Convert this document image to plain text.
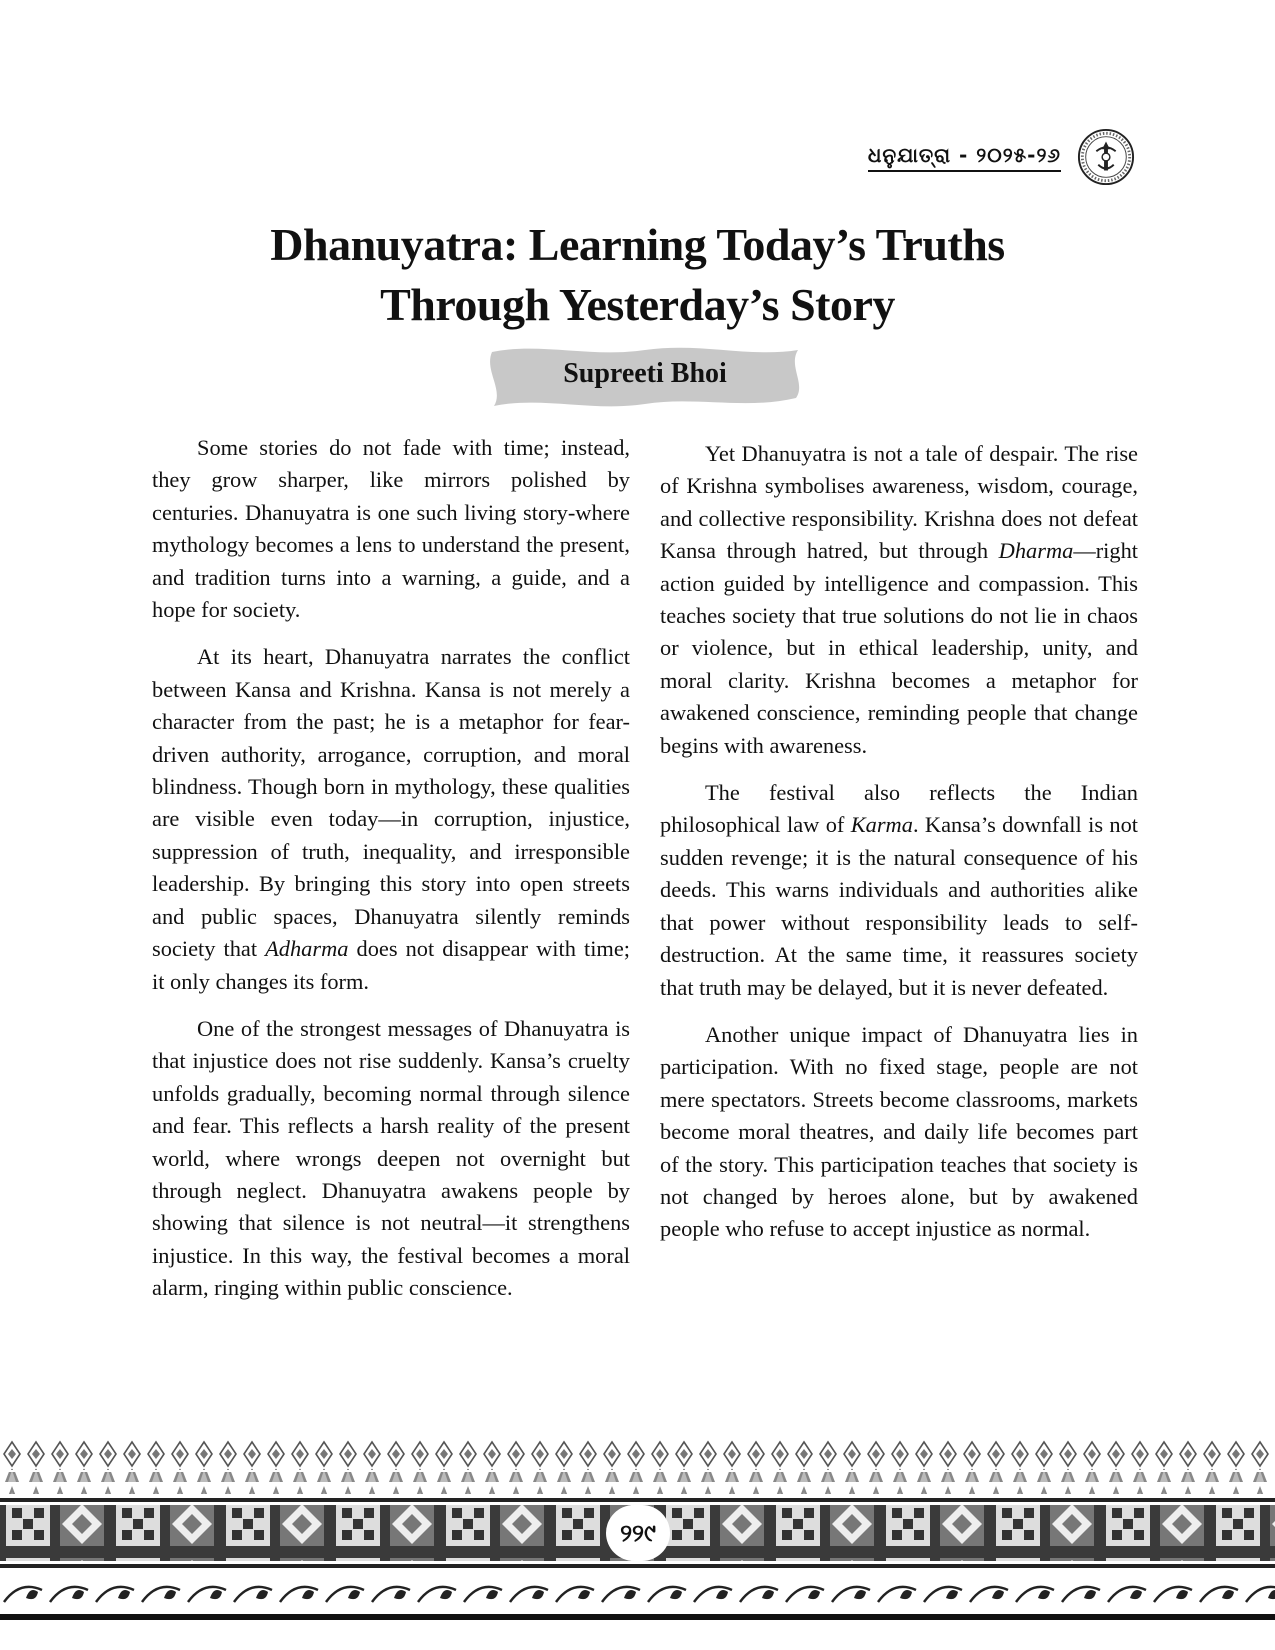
ଧନୁଯାତ୍ରା - ୨୦୨୫-୨୬
Dhanuyatra: Learning Today’s Truths
Through Yesterday’s Story
Supreeti Bhoi

Some stories do not fade with time; instead, they grow sharper, like mirrors polished by centuries. Dhanuyatra is one such living story-where mythology becomes a lens to understand the present, and tradition turns into a warning, a guide, and a hope for society.

At its heart, Dhanuyatra narrates the conflict between Kansa and Krishna. Kansa is not merely a character from the past; he is a metaphor for fear-driven authority, arrogance, corruption, and moral blindness. Though born in mythology, these qualities are visible even today—in corruption, injustice, suppression of truth, inequality, and irresponsible leadership. By bringing this story into open streets and public spaces, Dhanuyatra silently reminds society that Adharma does not disappear with time; it only changes its form.

One of the strongest messages of Dhanuyatra is that injustice does not rise suddenly. Kansa’s cruelty unfolds gradually, becoming normal through silence and fear. This reflects a harsh reality of the present world, where wrongs deepen not overnight but through neglect. Dhanuyatra awakens people by showing that silence is not neutral—it strengthens injustice. In this way, the festival becomes a moral alarm, ringing within public conscience.

Yet Dhanuyatra is not a tale of despair. The rise of Krishna symbolises awareness, wisdom, courage, and collective responsibility. Krishna does not defeat Kansa through hatred, but through Dharma—right action guided by intelligence and compassion. This teaches society that true solutions do not lie in chaos or violence, but in ethical leadership, unity, and moral clarity. Krishna becomes a metaphor for awakened conscience, reminding people that change begins with awareness.

The festival also reflects the Indian philosophical law of Karma. Kansa’s downfall is not sudden revenge; it is the natural consequence of his deeds. This warns individuals and authorities alike that power without responsibility leads to self-destruction. At the same time, it reassures society that truth may be delayed, but it is never defeated.

Another unique impact of Dhanuyatra lies in participation. With no fixed stage, people are not mere spectators. Streets become classrooms, markets become moral theatres, and daily life becomes part of the story. This participation teaches that society is not changed by heroes alone, but by awakened people who refuse to accept injustice as normal.

୨୨୯
